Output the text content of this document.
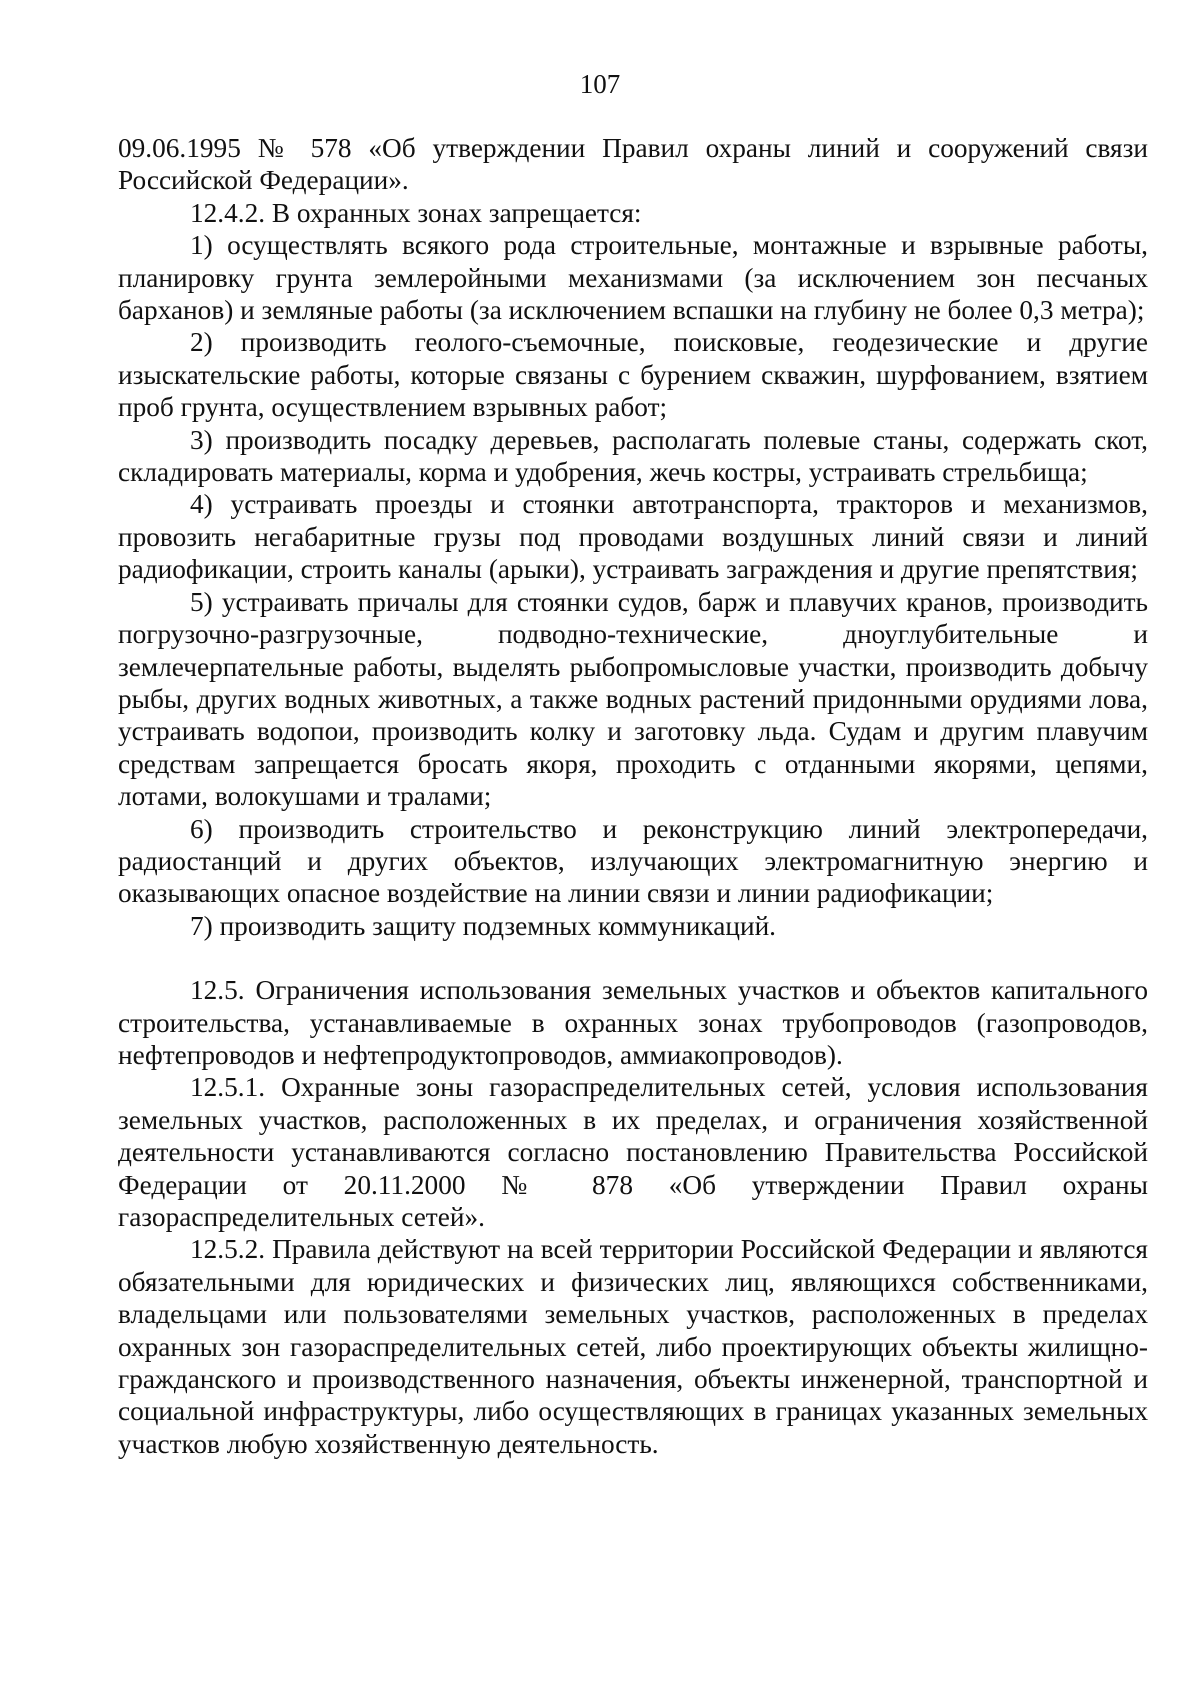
107

09.06.1995 № 578 «Об утверждении Правил охраны линий и сооружений связи Российской Федерации».

12.4.2. В охранных зонах запрещается:

1) осуществлять всякого рода строительные, монтажные и взрывные работы, планировку грунта землеройными механизмами (за исключением зон песчаных барханов) и земляные работы (за исключением вспашки на глубину не более 0,3 метра);

2) производить геолого-съемочные, поисковые, геодезические и другие изыскательские работы, которые связаны с бурением скважин, шурфованием, взятием проб грунта, осуществлением взрывных работ;

3) производить посадку деревьев, располагать полевые станы, содержать скот, складировать материалы, корма и удобрения, жечь костры, устраивать стрельбища;

4) устраивать проезды и стоянки автотранспорта, тракторов и механизмов, провозить негабаритные грузы под проводами воздушных линий связи и линий радиофикации, строить каналы (арыки), устраивать заграждения и другие препятствия;

5) устраивать причалы для стоянки судов, барж и плавучих кранов, производить погрузочно-разгрузочные, подводно-технические, дноуглубительные и землечерпательные работы, выделять рыбопромысловые участки, производить добычу рыбы, других водных животных, а также водных растений придонными орудиями лова, устраивать водопои, производить колку и заготовку льда. Судам и другим плавучим средствам запрещается бросать якоря, проходить с отданными якорями, цепями, лотами, волокушами и тралами;

6) производить строительство и реконструкцию линий электропередачи, радиостанций и других объектов, излучающих электромагнитную энергию и оказывающих опасное воздействие на линии связи и линии радиофикации;

7) производить защиту подземных коммуникаций.

12.5. Ограничения использования земельных участков и объектов капитального строительства, устанавливаемые в охранных зонах трубопроводов (газопроводов, нефтепроводов и нефтепродуктопроводов, аммиакопроводов).

12.5.1. Охранные зоны газораспределительных сетей, условия использования земельных участков, расположенных в их пределах, и ограничения хозяйственной деятельности устанавливаются согласно постановлению Правительства Российской Федерации от 20.11.2000 № 878 «Об утверждении Правил охраны газораспределительных сетей».

12.5.2. Правила действуют на всей территории Российской Федерации и являются обязательными для юридических и физических лиц, являющихся собственниками, владельцами или пользователями земельных участков, расположенных в пределах охранных зон газораспределительных сетей, либо проектирующих объекты жилищно-гражданского и производственного назначения, объекты инженерной, транспортной и социальной инфраструктуры, либо осуществляющих в границах указанных земельных участков любую хозяйственную деятельность.
